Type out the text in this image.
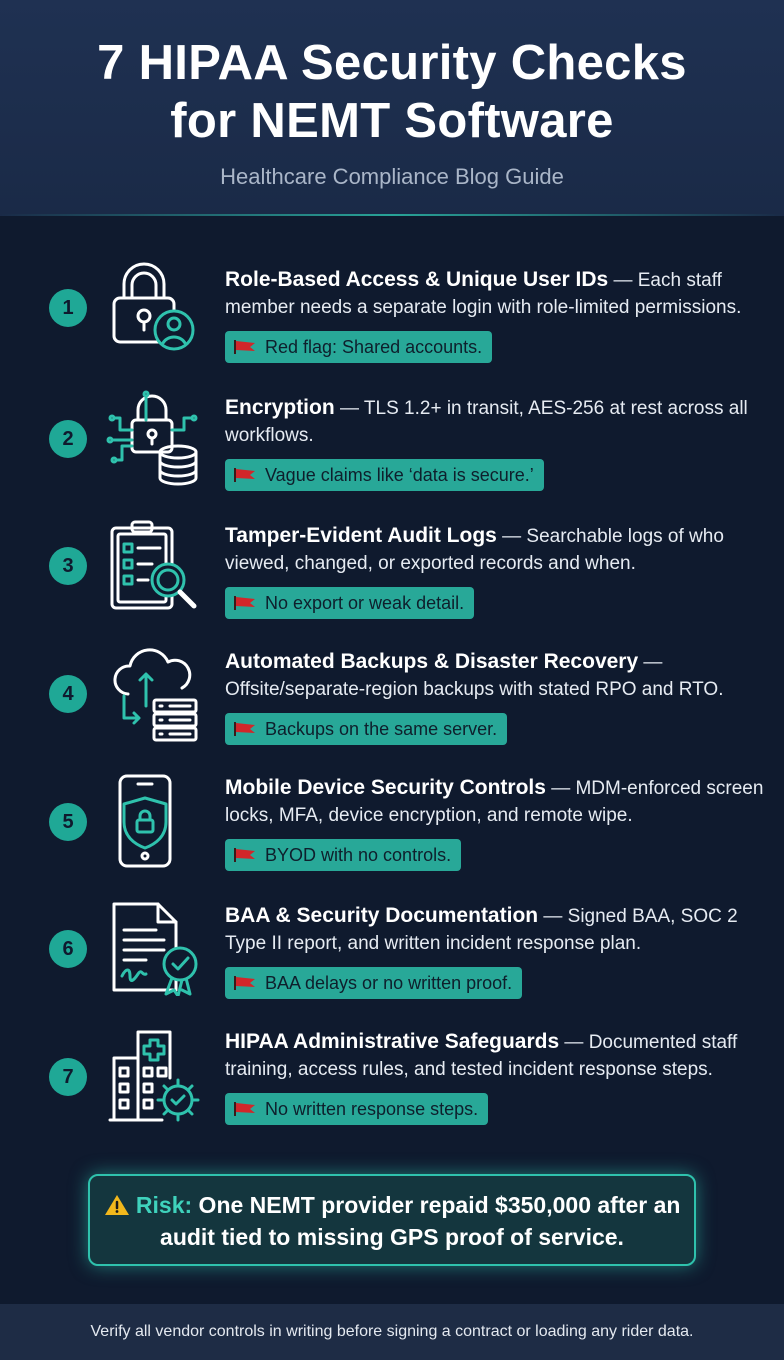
7 HIPAA Security Checks
for NEMT Software
Healthcare Compliance Blog Guide
1
Role-Based Access & Unique User IDs — Each staff member needs a separate login with role-limited permissions.

Red flag: Shared accounts.
2
Encryption — TLS 1.2+ in transit, AES-256 at rest across all workflows.

Vague claims like ‘data is secure.’
3
Tamper-Evident Audit Logs — Searchable logs of who viewed, changed, or exported records and when.

No export or weak detail.
4
Automated Backups & Disaster Recovery — Offsite/separate-region backups with stated RPO and RTO.

Backups on the same server.
5
Mobile Device Security Controls — MDM-enforced screen locks, MFA, device encryption, and remote wipe.

BYOD with no controls.
6
BAA & Security Documentation — Signed BAA, SOC 2 Type II report, and written incident response plan.

BAA delays or no written proof.
7
HIPAA Administrative Safeguards — Documented staff training, access rules, and tested incident response steps.

No written response steps.
Risk: One NEMT provider repaid $350,000 after an audit tied to missing GPS proof of service.
Verify all vendor controls in writing before signing a contract or loading any rider data.
